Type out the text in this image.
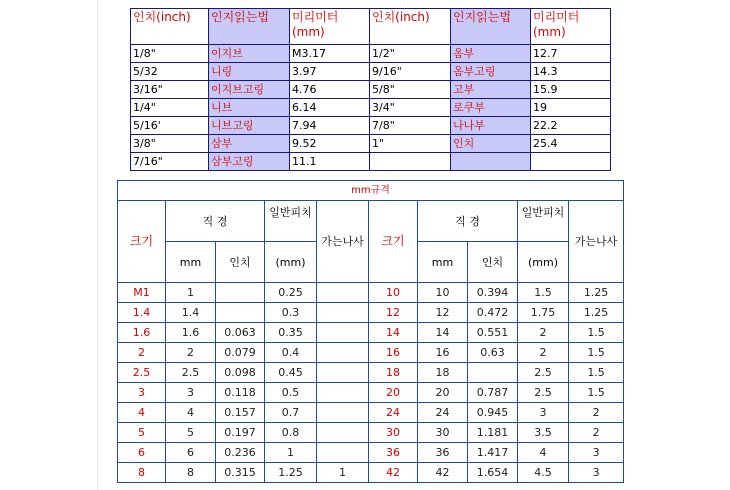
인치(inch)	인지읽는법	미리미터(mm)	인치(inch)	인지읽는법	미리미터(mm)
1/8"	이지브	M3.17	1/2"	옴부	12.7
5/32	니링	3.97	9/16"	옴부고링	14.3
3/16"	이지브고링	4.76	5/8"	고부	15.9
1/4"	니브	6.14	3/4"	로쿠부	19
5/16'	니브고링	7.94	7/8"	나나부	22.2
3/8"	삼부	9.52	1"	인치	25.4
7/16"	삼부고링	11.1			
mm규격									
크기	직 경		일반피치	가는나사	크기	직 경		일반피치	가는나사
	mm	인치	(mm)			mm	인치	(mm)	
M1	1		0.25		10	10	0.394	1.5	1.25
1.4	1.4		0.3		12	12	0.472	1.75	1.25
1.6	1.6	0.063	0.35		14	14	0.551	2	1.5
2	2	0.079	0.4		16	16	0.63	2	1.5
2.5	2.5	0.098	0.45		18	18		2.5	1.5
3	3	0.118	0.5		20	20	0.787	2.5	1.5
4	4	0.157	0.7		24	24	0.945	3	2
5	5	0.197	0.8		30	30	1.181	3.5	2
6	6	0.236	1		36	36	1.417	4	3
8	8	0.315	1.25	1	42	42	1.654	4.5	3
